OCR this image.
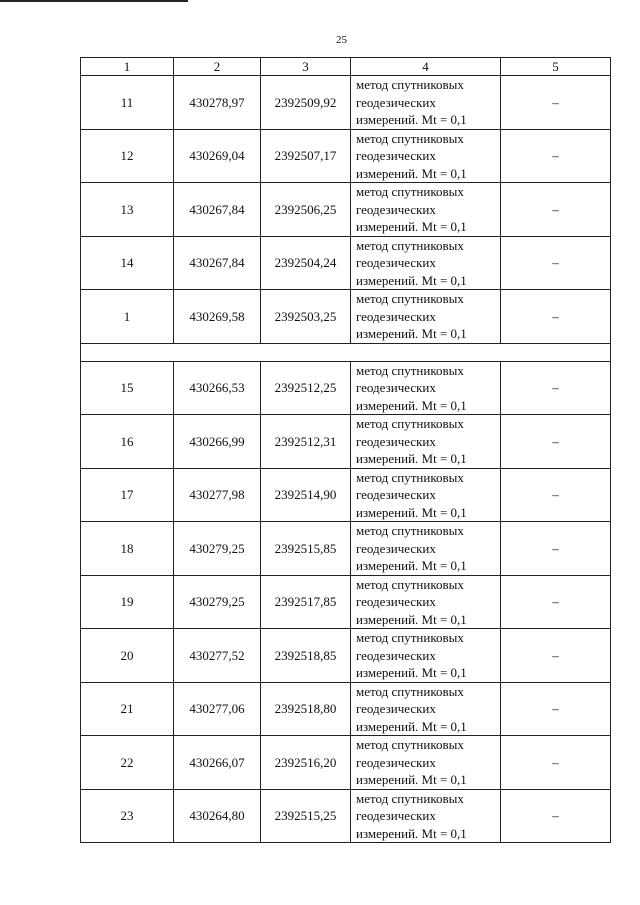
25
1	2	3	4	5
11	430278,97	2392509,92	метод спутниковых геодезических измерений. Mt = 0,1	–
12	430269,04	2392507,17	метод спутниковых геодезических измерений. Mt = 0,1	–
13	430267,84	2392506,25	метод спутниковых геодезических измерений. Mt = 0,1	–
14	430267,84	2392504,24	метод спутниковых геодезических измерений. Mt = 0,1	–
1	430269,58	2392503,25	метод спутниковых геодезических измерений. Mt = 0,1	–

15	430266,53	2392512,25	метод спутниковых геодезических измерений. Mt = 0,1	–
16	430266,99	2392512,31	метод спутниковых геодезических измерений. Mt = 0,1	–
17	430277,98	2392514,90	метод спутниковых геодезических измерений. Mt = 0,1	–
18	430279,25	2392515,85	метод спутниковых геодезических измерений. Mt = 0,1	–
19	430279,25	2392517,85	метод спутниковых геодезических измерений. Mt = 0,1	–
20	430277,52	2392518,85	метод спутниковых геодезических измерений. Mt = 0,1	–
21	430277,06	2392518,80	метод спутниковых геодезических измерений. Mt = 0,1	–
22	430266,07	2392516,20	метод спутниковых геодезических измерений. Mt = 0,1	–
23	430264,80	2392515,25	метод спутниковых геодезических измерений. Mt = 0,1	–
